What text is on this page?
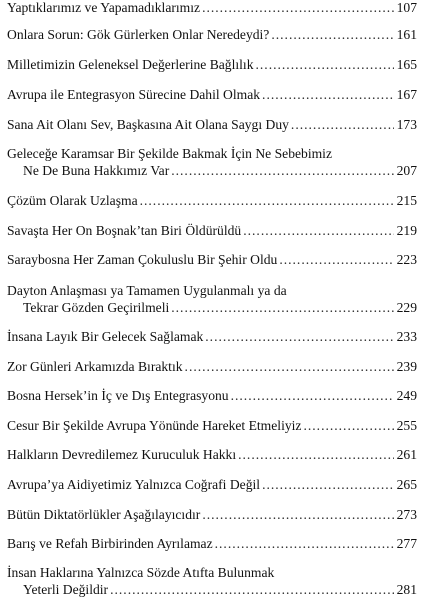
Yaptıklarımız ve Yapamadıklarımız .....	107
Onlara Sorun: Gök Gürlerken Onlar Neredeydi? .....	161
Milletimizin Geleneksel Değerlerine Bağlılık .....	165
Avrupa ile Entegrasyon Sürecine Dahil Olmak .....	167
Sana Ait Olanı Sev, Başkasına Ait Olana Saygı Duy .....	173
Geleceğe Karamsar Bir Şekilde Bakmak İçin Ne Sebebimiz
Ne De Buna Hakkımız Var .....	207
Çözüm Olarak Uzlaşma .....	215
Savaşta Her On Boşnak’tan Biri Öldürüldü .....	219
Saraybosna Her Zaman Çokuluslu Bir Şehir Oldu .....	223
Dayton Anlaşması ya Tamamen Uygulanmalı ya da
Tekrar Gözden Geçirilmeli .....	229
İnsana Layık Bir Gelecek Sağlamak .....	233
Zor Günleri Arkamızda Bıraktık .....	239
Bosna Hersek’in İç ve Dış Entegrasyonu .....	249
Cesur Bir Şekilde Avrupa Yönünde Hareket Etmeliyiz .....	255
Halkların Devredilemez Kuruculuk Hakkı .....	261
Avrupa’ya Aidiyetimiz Yalnızca Coğrafi Değil .....	265
Bütün Diktatörlükler Aşağılayıcıdır .....	273
Barış ve Refah Birbirinden Ayrılamaz .....	277
İnsan Haklarına Yalnızca Sözde Atıfta Bulunmak
Yeterli Değildir .....	281
